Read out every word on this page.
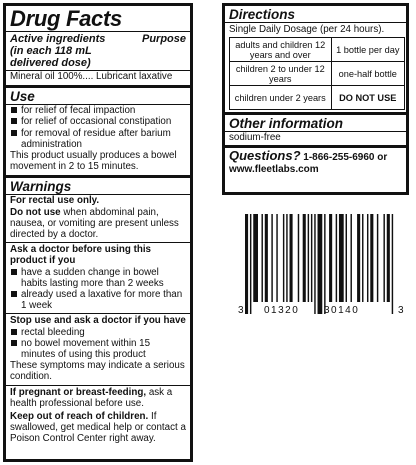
Drug Facts
Active ingredients	Purpose
(in each 118 mL
delivered dose)
Mineral oil 100%.... Lubricant laxative
Use
for relief of fecal impaction
for relief of occasional constipation
for removal of residue after barium administration
This product usually produces a bowel movement in 2 to 15 minutes.
Warnings
For rectal use only.
Do not use when abdominal pain, nausea, or vomiting are present unless directed by a doctor.
Ask a doctor before using this product if you
have a sudden change in bowel habits lasting more than 2 weeks
already used a laxative for more than 1 week
Stop use and ask a doctor if you have
rectal bleeding
no bowel movement within 15 minutes of using this product
These symptoms may indicate a serious condition.
If pregnant or breast-feeding, ask a health professional before use.
Keep out of reach of children. If swallowed, get medical help or contact a Poison Control Center right away.
Directions
Single Daily Dosage (per 24 hours).
adults and children 12 years and over	1 bottle per day
children 2 to under 12 years	one-half bottle
children under 2 years	DO NOT USE
Other information
sodium-free
Questions? 1-866-255-6960 or
www.fleetlabs.com
3 01320 30140	3
